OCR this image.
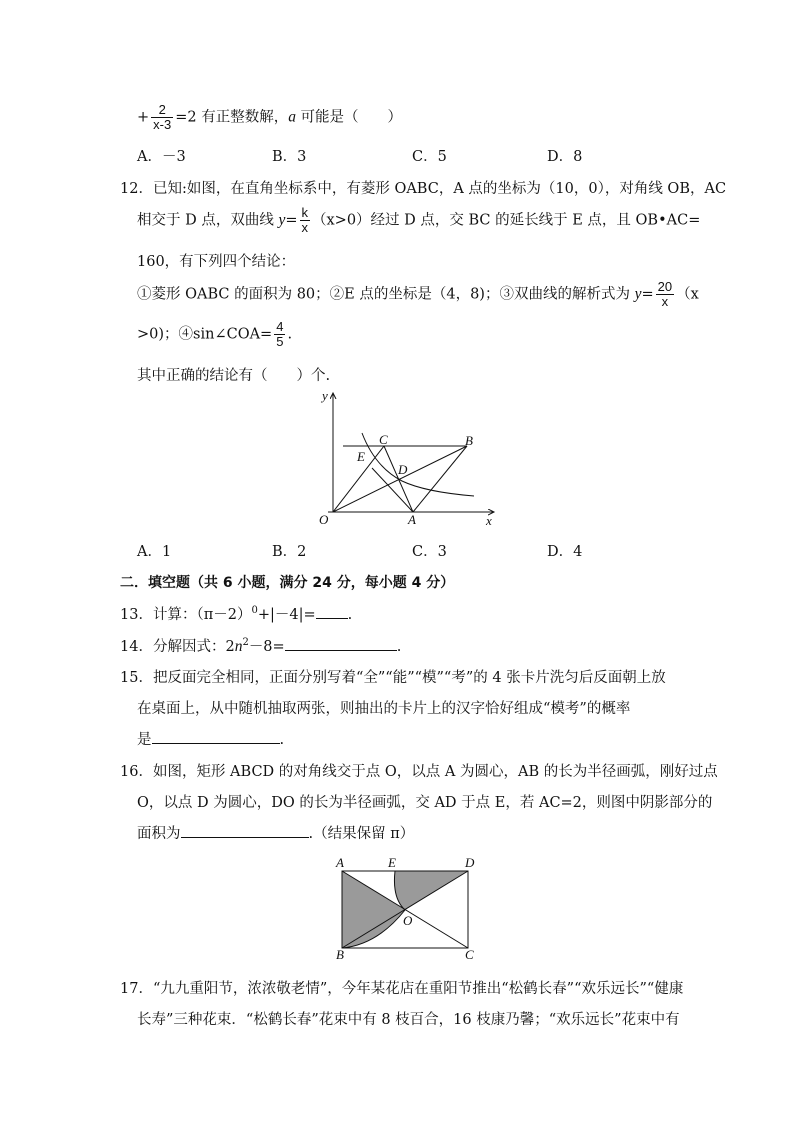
+ $\frac{2}{x-3} =2$ 有正整数解，a 可能是（　　）
A．－3	B．3	C．5	D．8
12．已知:如图，在直角坐标系中，有菱形 OABC，A 点的坐标为（10，0），对角线 OB，AC
相交于 D 点，双曲线 $y= \frac{k}{x} (x>0)$经过 D 点，交 BC 的延长线于 E 点，且 OB•AC=
160，有下列四个结论：
①菱形 OABC 的面积为 80；②E 点的坐标是（4，8)；③双曲线的解析式为 $y= \frac{20}{x} (x$
>0)；④sin∠COA= $\frac{4}{5}$ .
其中正确的结论有（　　）个.
y
x
O	A
B
C
D
E
A．1	B．2	C．3	D．4
二．填空题（共 6 小题，满分 24 分，每小题 4 分）
13．计算：$(\pi-2)^0+|-4|=$ .
14．分解因式：$2n^2-8=$	.
15．把反面完全相同，正面分别写着“全”“能”“模”“考”的 4 张卡片洗匀后反面朝上放
在桌面上，从中随机抽取两张，则抽出的卡片上的汉字恰好组成“模考”的概率
是	.
16．如图，矩形 ABCD 的对角线交于点 O，以点 A 为圆心，AB 的长为半径画弧，刚好过点
O，以点 D 为圆心，DO 的长为半径画弧，交 AD 于点 E，若 AC=2，则图中阴影部分的
面积为	.（结果保留 π）
A	E	D
B	C
O
17．“九九重阳节，浓浓敬老情”，今年某花店在重阳节推出“松鹤长春”“欢乐远长”“健康
长寿”三种花束．“松鹤长春”花束中有 8 枝百合，16 枝康乃馨；“欢乐远长”花束中有
